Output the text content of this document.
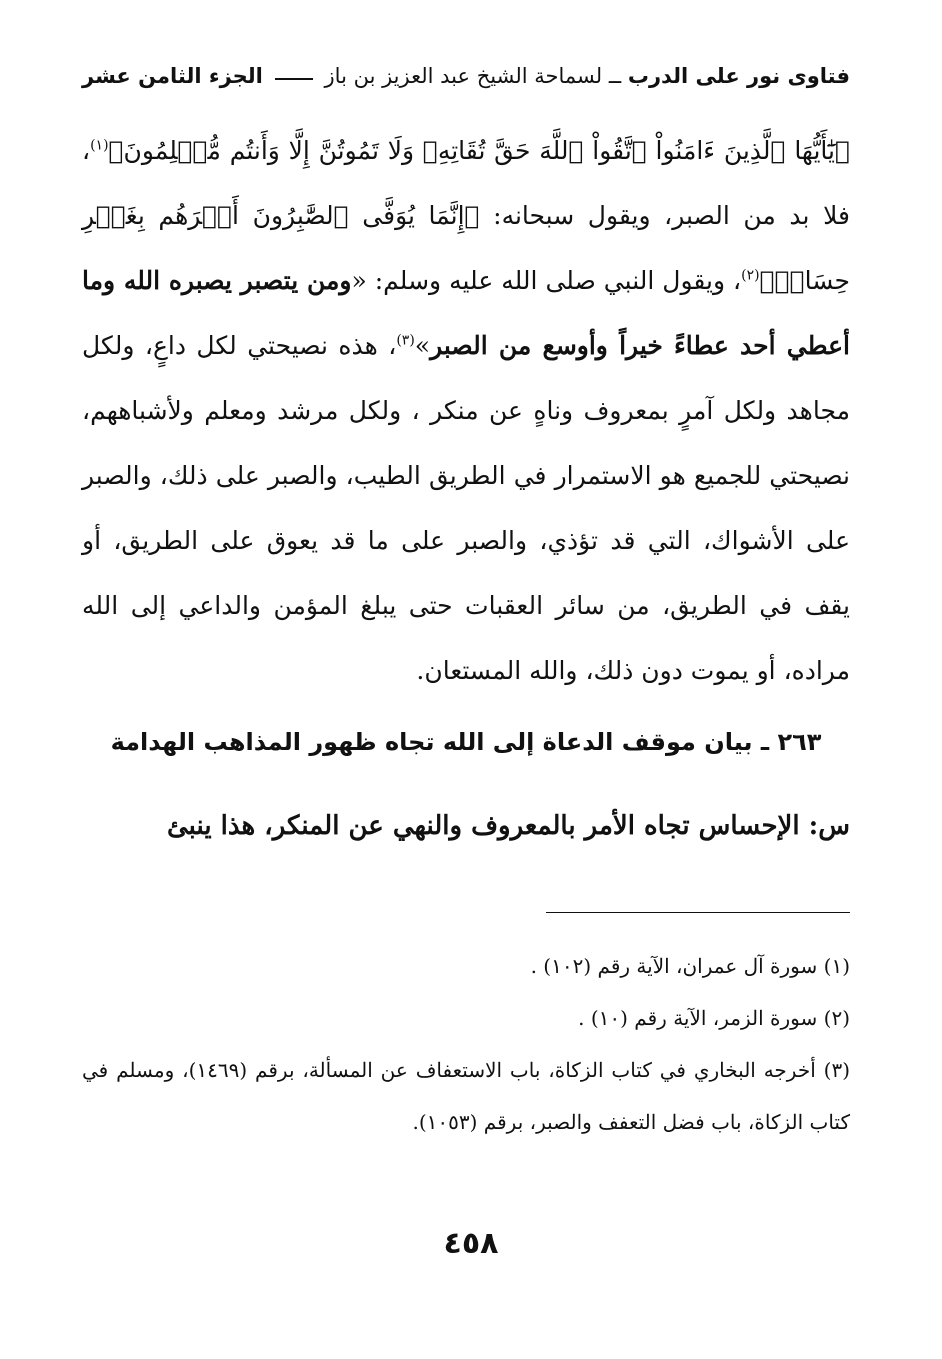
فتاوى نور على الدرب ــ لسماحة الشيخ عبد العزيز بن باز
الجزء الثامن عشر

﴿يَٰٓأَيُّهَا ٱلَّذِينَ ءَامَنُواْ ٱتَّقُواْ ٱللَّهَ حَقَّ تُقَاتِهِۦ وَلَا تَمُوتُنَّ إِلَّا وَأَنتُم مُّسۡلِمُونَ﴾$^{(١)}$، فلا بد من الصبر، ويقول سبحانه: ﴿إِنَّمَا يُوَفَّى ٱلصَّٰبِرُونَ أَجۡرَهُم بِغَيۡرِ حِسَابٖ﴾$^{(٢)}$، ويقول النبي صلى الله عليه وسلم: «ومن يتصبر يصبره الله وما أعطي أحد عطاءً خيراً وأوسع من الصبر»$^{(٣)}$، هذه نصيحتي لكل داعٍ، ولكل مجاهد ولكل آمرٍ بمعروف وناهٍ عن منكر ، ولكل مرشد ومعلم ولأشباههم، نصيحتي للجميع هو الاستمرار في الطريق الطيب، والصبر على ذلك، والصبر على الأشواك، التي قد تؤذي، والصبر على ما قد يعوق على الطريق، أو يقف في الطريق، من سائر العقبات حتى يبلغ المؤمن والداعي إلى الله مراده، أو يموت دون ذلك، والله المستعان.

٢٦٣ ـ بيان موقف الدعاة إلى الله تجاه ظهور المذاهب الهدامة
س: الإحساس تجاه الأمر بالمعروف والنهي عن المنكر، هذا ينبئ

(١) سورة آل عمران، الآية رقم (١٠٢) .

(٢) سورة الزمر، الآية رقم (١٠) .

(٣) أخرجه البخاري في كتاب الزكاة، باب الاستعفاف عن المسألة، برقم (١٤٦٩)، ومسلم في كتاب الزكاة، باب فضل التعفف والصبر، برقم (١٠٥٣).

٤٥٨
